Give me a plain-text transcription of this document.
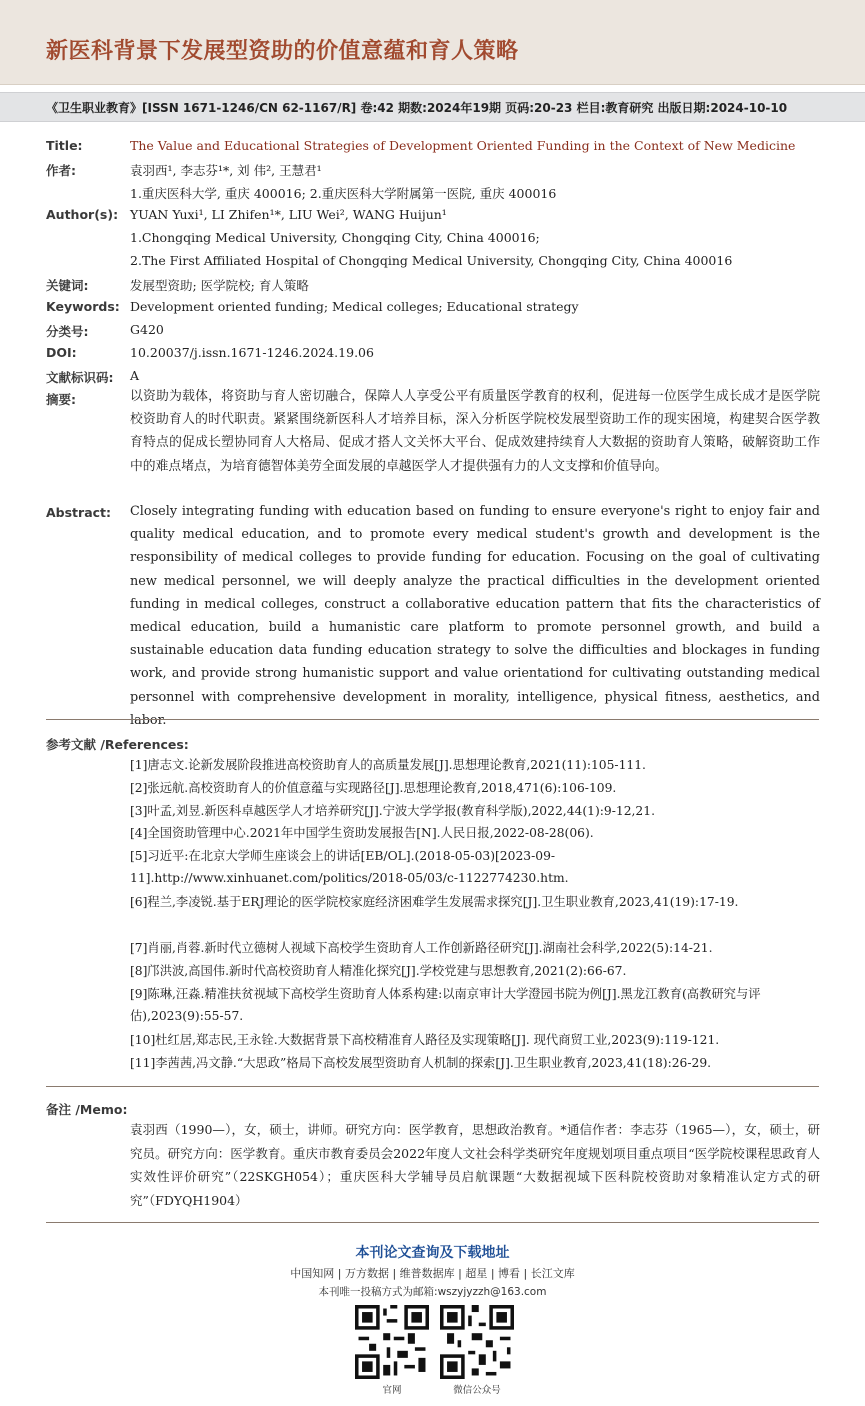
新医科背景下发展型资助的价值意蕴和育人策略
《卫生职业教育》[ISSN 1671-1246/CN 62-1167/R] 卷:42 期数:2024年19期 页码:20-23 栏目:教育研究 出版日期:2024-10-10
Title:	The Value and Educational Strategies of Development Oriented Funding in the Context of New Medicine
作者:	袁羽西¹, 李志芬¹*, 刘 伟², 王慧君¹
1.重庆医科大学, 重庆 400016; 2.重庆医科大学附属第一医院, 重庆 400016
Author(s): YUAN Yuxi¹, LI Zhifen¹*, LIU Wei², WANG Huijun¹
1.Chongqing Medical University, Chongqing City, China 400016;
2.The First Affiliated Hospital of Chongqing Medical University, Chongqing City, China 400016
关键词:	发展型资助; 医学院校; 育人策略
Keywords: Development oriented funding; Medical colleges; Educational strategy
分类号:	G420
DOI:	10.20037/j.issn.1671-1246.2024.19.06
文献标识码: A
摘要:	以资助为载体，将资助与育人密切融合，保障人人享受公平有质量医学教育的权利，促进每一位医学生成长成才是医学院校资助育人的时代职责。紧紧围绕新医科人才培养目标，深入分析医学院校发展型资助工作的现实困境，构建契合医学教育特点的促成长塑协同育人大格局、促成才搭人文关怀大平台、促成效建持续育人大数据的资助育人策略，破解资助工作中的难点堵点，为培育德智体美劳全面发展的卓越医学人才提供强有力的人文支撑和价值导向。
Abstract: Closely integrating funding with education based on funding to ensure everyone's right to enjoy fair and quality medical education, and to promote every medical student's growth and development is the responsibility of medical colleges to provide funding for education. Focusing on the goal of cultivating new medical personnel, we will deeply analyze the practical difficulties in the development oriented funding in medical colleges, construct a collaborative education pattern that fits the characteristics of medical education, build a humanistic care platform to promote personnel growth, and build a sustainable education data funding education strategy to solve the difficulties and blockages in funding work, and provide strong humanistic support and value orientationd for cultivating outstanding medical personnel with comprehensive development in morality, intelligence, physical fitness, aesthetics, and labor.
参考文献 /References:
[1]唐志文.论新发展阶段推进高校资助育人的高质量发展[J].思想理论教育,2021(11):105-111.
[2]张远航.高校资助育人的价值意蕴与实现路径[J].思想理论教育,2018,471(6):106-109.
[3]叶孟,刘昱.新医科卓越医学人才培养研究[J].宁波大学学报(教育科学版),2022,44(1):9-12,21.
[4]全国资助管理中心.2021年中国学生资助发展报告[N].人民日报,2022-08-28(06).
[5]习近平:在北京大学师生座谈会上的讲话[EB/OL].(2018-05-03)[2023-09-11].http://www.xinhuanet.com/politics/2018-05/03/c-1122774230.htm.
[6]程兰,李凌锐.基于ERJ理论的医学院校家庭经济困难学生发展需求探究[J].卫生职业教育,2023,41(19):17-19.
[7]肖丽,肖蓉.新时代立德树人视域下高校学生资助育人工作创新路径研究[J].湖南社会科学,2022(5):14-21.
[8]邝洪波,高国伟.新时代高校资助育人精准化探究[J].学校党建与思想教育,2021(2):66-67.
[9]陈琳,汪淼.精准扶贫视域下高校学生资助育人体系构建:以南京审计大学澄园书院为例[J].黑龙江教育(高教研究与评估),2023(9):55-57.
[10]杜红居,郑志民,王永铨.大数据背景下高校精准育人路径及实现策略[J]. 现代商贸工业,2023(9):119-121.
[11]李茜茜,冯文静.“大思政”格局下高校发展型资助育人机制的探索[J].卫生职业教育,2023,41(18):26-29.
备注 /Memo:
袁羽西（1990—），女，硕士，讲师。研究方向：医学教育，思想政治教育。*通信作者：李志芬（1965—），女，硕士，研究员。研究方向：医学教育。重庆市教育委员会2022年度人文社会科学类研究年度规划项目重点项目“医学院校课程思政育人实效性评价研究”（22SKGH054）；重庆医科大学辅导员启航课题“大数据视域下医科院校资助对象精准认定方式的研究”（FDYQH1904）
本刊论文查询及下载地址
中国知网 | 万方数据 | 维普数据库 | 超星 | 博看 | 长江文库
本刊唯一投稿方式为邮箱:wszyjyzzh@163.com
官网	微信公众号
